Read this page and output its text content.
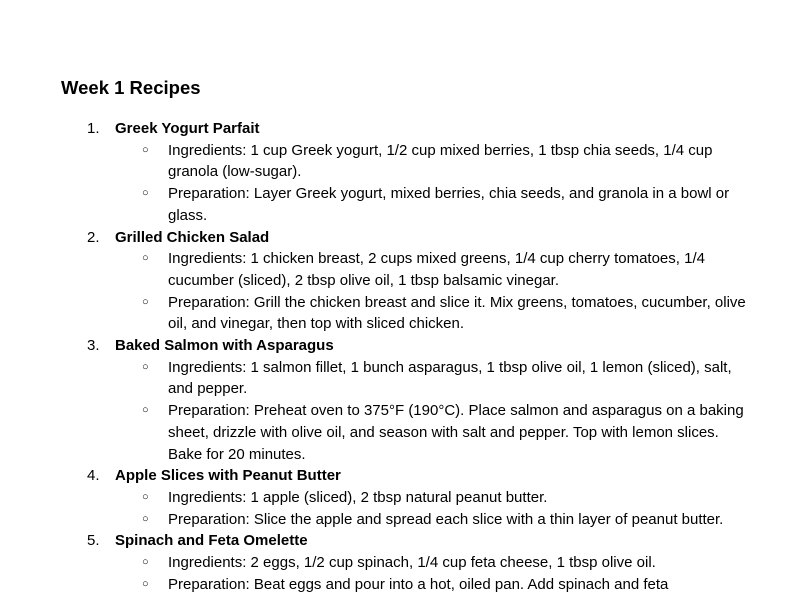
Week 1 Recipes
1.	Greek Yogurt Parfait
○ Ingredients: 1 cup Greek yogurt, 1/2 cup mixed berries, 1 tbsp chia seeds, 1/4 cup granola (low-sugar).
○ Preparation: Layer Greek yogurt, mixed berries, chia seeds, and granola in a bowl or glass.
2.	Grilled Chicken Salad
○ Ingredients: 1 chicken breast, 2 cups mixed greens, 1/4 cup cherry tomatoes, 1/4 cucumber (sliced), 2 tbsp olive oil, 1 tbsp balsamic vinegar.
○ Preparation: Grill the chicken breast and slice it. Mix greens, tomatoes, cucumber, olive oil, and vinegar, then top with sliced chicken.
3.	Baked Salmon with Asparagus
○ Ingredients: 1 salmon fillet, 1 bunch asparagus, 1 tbsp olive oil, 1 lemon (sliced), salt, and pepper.
○ Preparation: Preheat oven to 375°F (190°C). Place salmon and asparagus on a baking sheet, drizzle with olive oil, and season with salt and pepper. Top with lemon slices. Bake for 20 minutes.
4.	Apple Slices with Peanut Butter
○ Ingredients: 1 apple (sliced), 2 tbsp natural peanut butter.
○ Preparation: Slice the apple and spread each slice with a thin layer of peanut butter.
5.	Spinach and Feta Omelette
○ Ingredients: 2 eggs, 1/2 cup spinach, 1/4 cup feta cheese, 1 tbsp olive oil.
○ Preparation: Beat eggs and pour into a hot, oiled pan. Add spinach and feta
